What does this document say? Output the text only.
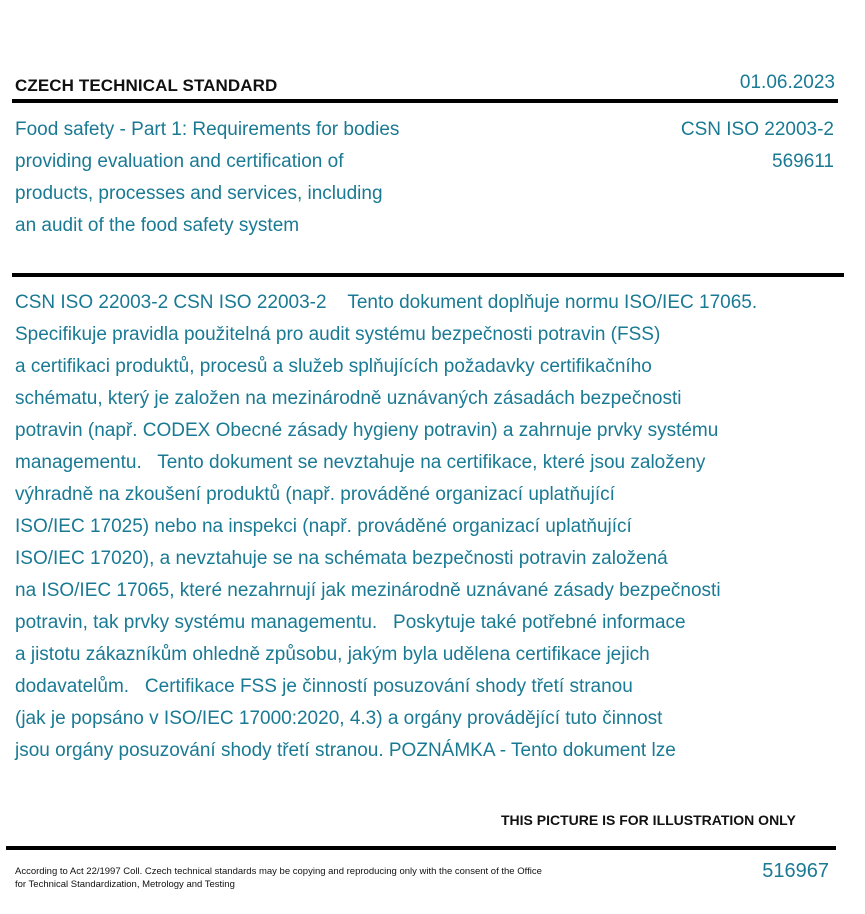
CZECH TECHNICAL STANDARD	01.06.2023
Food safety - Part 1: Requirements for bodies
providing evaluation and certification of
products, processes and services, including
an audit of the food safety system
CSN ISO 22003-2
569611
CSN ISO 22003-2 CSN ISO 22003-2    Tento dokument doplňuje normu ISO/IEC 17065.
Specifikuje pravidla použitelná pro audit systému bezpečnosti potravin (FSS)
a certifikaci produktů, procesů a služeb splňujících požadavky certifikačního
schématu, který je založen na mezinárodně uznávaných zásadách bezpečnosti
potravin (např. CODEX Obecné zásady hygieny potravin) a zahrnuje prvky systému
managementu.   Tento dokument se nevztahuje na certifikace, které jsou založeny
výhradně na zkoušení produktů (např. prováděné organizací uplatňující
ISO/IEC 17025) nebo na inspekci (např. prováděné organizací uplatňující
ISO/IEC 17020), a nevztahuje se na schémata bezpečnosti potravin založená
na ISO/IEC 17065, které nezahrnují jak mezinárodně uznávané zásady bezpečnosti
potravin, tak prvky systému managementu.   Poskytuje také potřebné informace
a jistotu zákazníkům ohledně způsobu, jakým byla udělena certifikace jejich
dodavatelům.   Certifikace FSS je činností posuzování shody třetí stranou
(jak je popsáno v ISO/IEC 17000:2020, 4.3) a orgány provádějící tuto činnost
jsou orgány posuzování shody třetí stranou. POZNÁMKA - Tento dokument lze
THIS PICTURE IS FOR ILLUSTRATION ONLY
According to Act 22/1997 Coll. Czech technical standards may be copying and reproducing only with the consent of the Office
for Technical Standardization, Metrology and Testing
516967
